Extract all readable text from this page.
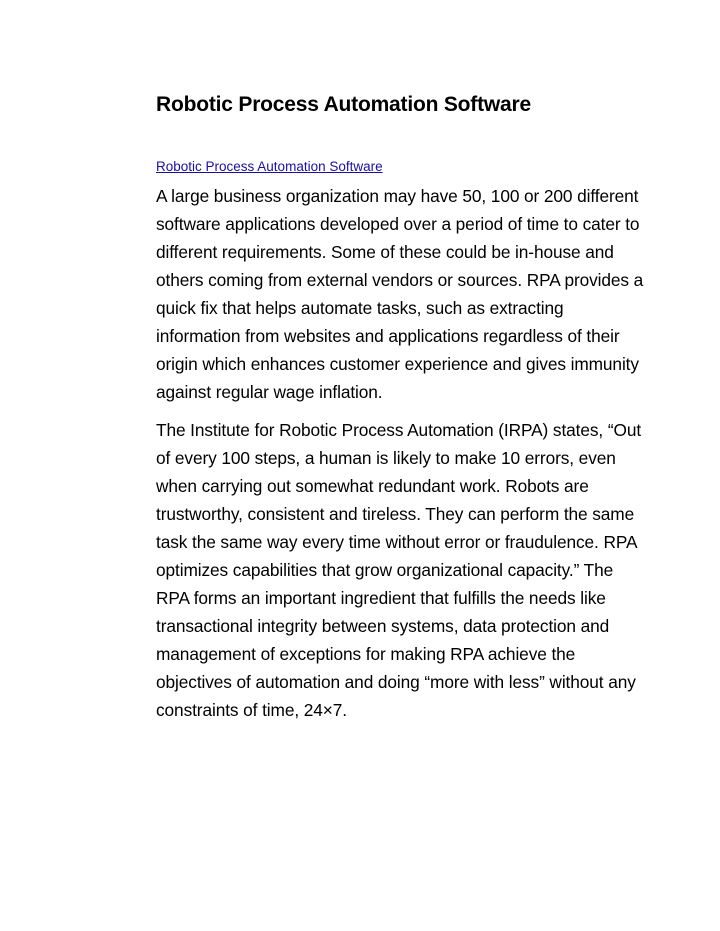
Robotic Process Automation Software
Robotic Process Automation Software

A large business organization may have 50, 100 or 200 different software applications developed over a period of time to cater to different requirements. Some of these could be in-house and others coming from external vendors or sources. RPA provides a quick fix that helps automate tasks, such as extracting information from websites and applications regardless of their origin which enhances customer experience and gives immunity against regular wage inflation.

The Institute for Robotic Process Automation (IRPA) states, “Out of every 100 steps, a human is likely to make 10 errors, even when carrying out somewhat redundant work. Robots are trustworthy, consistent and tireless. They can perform the same task the same way every time without error or fraudulence. RPA optimizes capabilities that grow organizational capacity.” The RPA forms an important ingredient that fulfills the needs like transactional integrity between systems, data protection and management of exceptions for making RPA achieve the objectives of automation and doing “more with less” without any constraints of time, 24×7.
